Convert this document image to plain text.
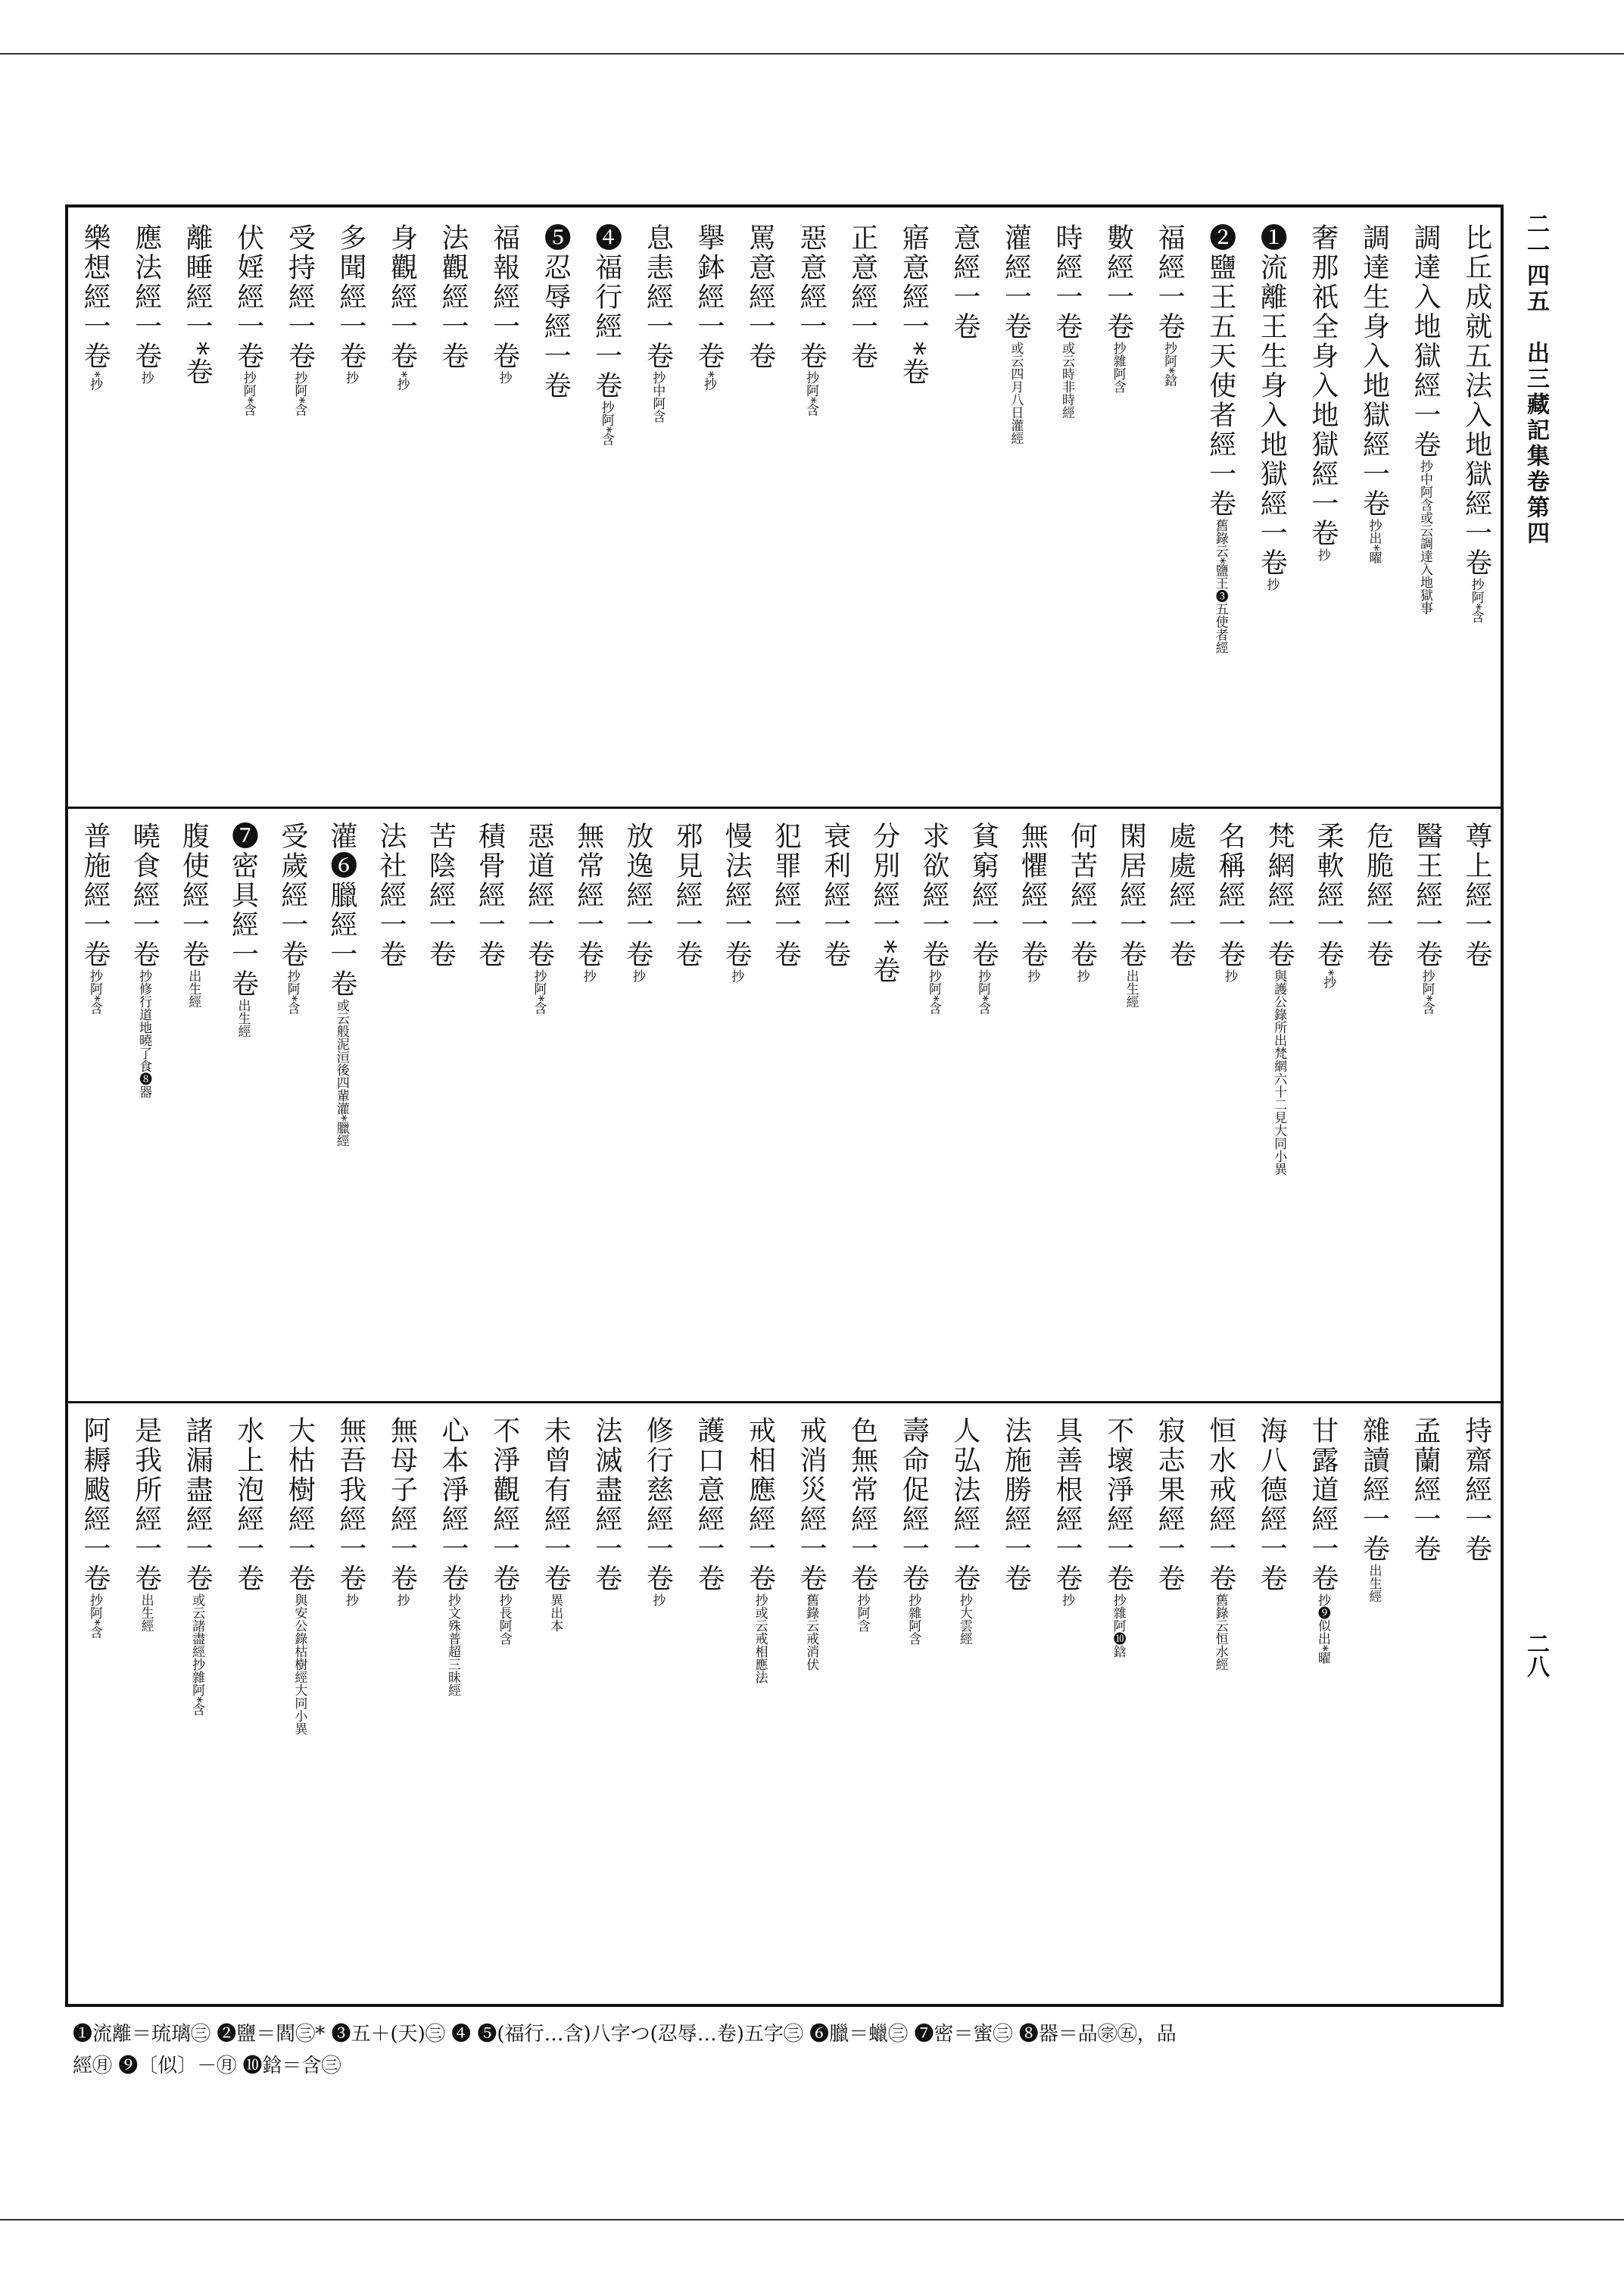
二一四五　出三藏記集卷第四
二八
比丘成就五法入地獄經一卷抄阿*含
調達入地獄經一卷抄中阿含或云調達入地獄事
調達生身入地獄經一卷抄出*曜
奢那祇全身入地獄經一卷抄
❶流離王生身入地獄經一卷抄
❷鹽王五天使者經一卷舊錄云*鹽王❸五使者經
福經一卷抄阿*鋡
數經一卷抄雜阿含
時經一卷或云時非時經
灌經一卷或云四月八日灌經
意經一卷
寤意經一*卷
正意經一卷
惡意經一卷抄阿*含
罵意經一卷
擧鉢經一卷*抄
息恚經一卷抄中阿含
❹福行經一卷抄阿*含
❺忍辱經一卷
福報經一卷抄
法觀經一卷
身觀經一卷*抄
多聞經一卷抄
受持經一卷抄阿*含
伏婬經一卷抄阿*含
離睡經一*卷
應法經一卷抄
樂想經一卷*抄
尊上經一卷
醫王經一卷抄阿*含
危脆經一卷
柔軟經一卷*抄
梵網經一卷與護公錄所出梵網六十二見大同小異
名稱經一卷抄
處處經一卷
閑居經一卷出生經
何苦經一卷抄
無懼經一卷抄
貧窮經一卷抄阿*含
求欲經一卷抄阿*含
分別經一*卷
衰利經一卷
犯罪經一卷
慢法經一卷抄
邪見經一卷
放逸經一卷抄
無常經一卷抄
惡道經一卷抄阿*含
積骨經一卷
苦陰經一卷
法社經一卷
灌❻臘經一卷或云般泥洹後四輩灌*臘經
受歲經一卷抄阿*含
❼密具經一卷出生經
腹使經一卷出生經
曉食經一卷抄修行道地曉了食❽器
普施經一卷抄阿*含
持齋經一卷
孟蘭經一卷
雜讀經一卷出生經
甘露道經一卷抄❾似出*曜
海八德經一卷
恒水戒經一卷舊錄云恒水經
寂志果經一卷
不壞淨經一卷抄雜阿❿鋡
具善根經一卷抄
法施勝經一卷
人弘法經一卷抄大雲經
壽命促經一卷抄雜阿含
色無常經一卷抄阿含
戒消災經一卷舊錄云戒消伏
戒相應經一卷抄或云戒相應法
護口意經一卷
修行慈經一卷抄
法滅盡經一卷
未曾有經一卷異出本
不淨觀經一卷抄長阿含
心本淨經一卷抄文殊普超三昧經
無母子經一卷抄
無吾我經一卷抄
大枯樹經一卷與安公錄枯樹經大同小異
水上泡經一卷
諸漏盡經一卷或云諸盡經抄雜阿*含
是我所經一卷出生經
阿耨颰經一卷抄阿*含
❶流離＝琉璃㊂ ❷鹽＝閻㊂* ❸五＋(天)㊂ ❹ ❺(福行…含)八字つ(忍辱…卷)五字㊂ ❻臘＝蠟㊂ ❼密＝蜜㊂ ❽器＝品㊪㊄，品
經㊊ ❾〔似〕－㊊ ❿鋡＝含㊂
